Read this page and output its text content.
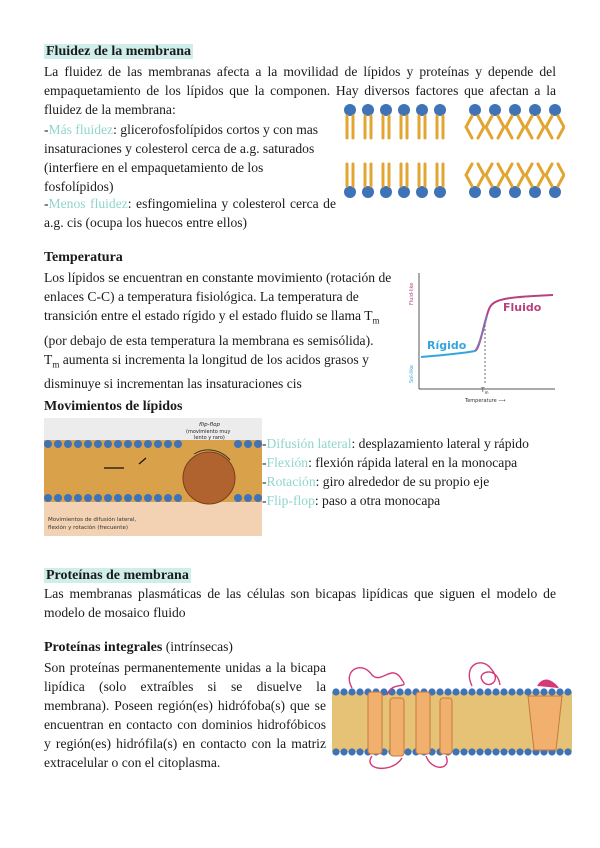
Fluidez de la membrana
La fluidez de las membranas afecta a la movilidad de lípidos y proteínas y depende del empaquetamiento de los lípidos que la componen. Hay diversos factores que afectan a la fluidez de la membrana:
-Más fluidez: glicerofosfolípidos cortos y con mas insaturaciones y colesterol cerca de a.g. saturados (interfiere en el empaquetamiento de los fosfolípidos)
-Menos fluidez: esfingomielina y colesterol cerca de a.g. cis (ocupa los huecos entre ellos)
Temperatura
Los lípidos se encuentran en constante movimiento (rotación de enlaces C-C) a temperatura fisiológica. La temperatura de transición entre el estado rígido y el estado fluido se llama $T_m$ (por debajo de esta temperatura la membrana es semisólida).
$T_m$ aumenta si incrementa la longitud de los acidos grasos y disminuye si incrementan las insaturaciones cis
Fluid-like
Sol-like
Fluido
Rígido
$T_m$
Temperature ⟶
Movimientos de lípidos
flip-flop
(movimiento muy
lento y raro)
Movimientos de difusión lateral,
flexión y rotación (frecuente)
-Difusión lateral: desplazamiento lateral y rápido
-Flexión: flexión rápida lateral en la monocapa
-Rotación: giro alrededor de su propio eje
-Flip-flop: paso a otra monocapa
Proteínas de membrana
Las membranas plasmáticas de las células son bicapas lipídicas que siguen el modelo de modelo de mosaico fluido
Proteínas integrales (intrínsecas)
Son proteínas permanentemente unidas a la bicapa lipídica (solo extraíbles si se disuelve la membrana). Poseen región(es) hidrófoba(s) que se encuentran en contacto con dominios hidrofóbicos y región(es) hidrófila(s) en contacto con la matriz extracelular o con el citoplasma.
